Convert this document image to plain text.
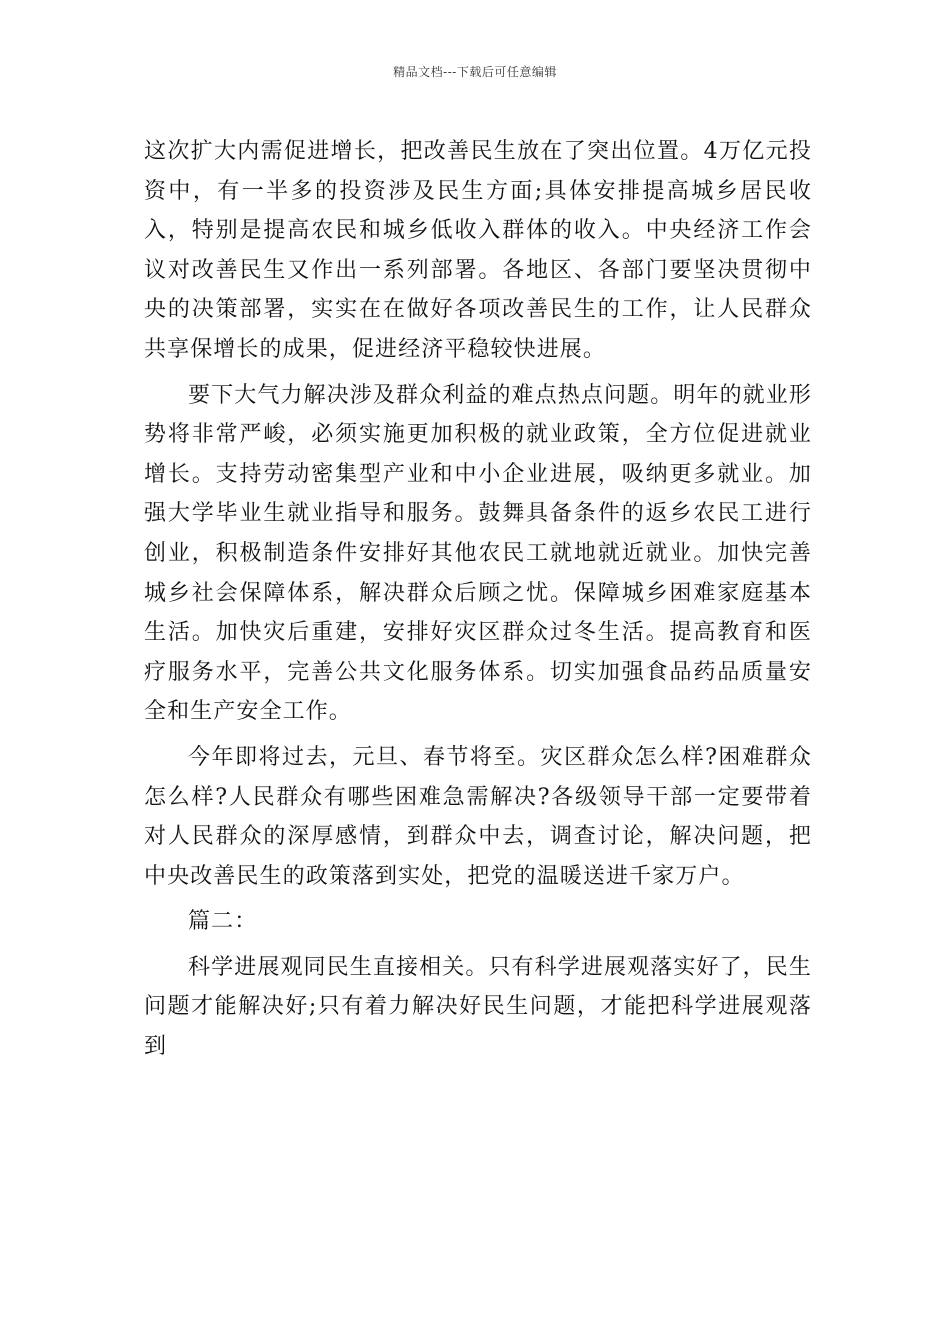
精品文档---下载后可任意编辑

这次扩大内需促进增长，把改善民生放在了突出位置。4万亿元投资中，有一半多的投资涉及民生方面;具体安排提高城乡居民收入，特别是提高农民和城乡低收入群体的收入。中央经济工作会议对改善民生又作出一系列部署。各地区、各部门要坚决贯彻中央的决策部署，实实在在做好各项改善民生的工作，让人民群众共享保增长的成果，促进经济平稳较快进展。

要下大气力解决涉及群众利益的难点热点问题。明年的就业形势将非常严峻，必须实施更加积极的就业政策，全方位促进就业增长。支持劳动密集型产业和中小企业进展，吸纳更多就业。加强大学毕业生就业指导和服务。鼓舞具备条件的返乡农民工进行创业，积极制造条件安排好其他农民工就地就近就业。加快完善城乡社会保障体系，解决群众后顾之忧。保障城乡困难家庭基本生活。加快灾后重建，安排好灾区群众过冬生活。提高教育和医疗服务水平，完善公共文化服务体系。切实加强食品药品质量安全和生产安全工作。

今年即将过去，元旦、春节将至。灾区群众怎么样?困难群众怎么样?人民群众有哪些困难急需解决?各级领导干部一定要带着对人民群众的深厚感情，到群众中去，调查讨论，解决问题，把中央改善民生的政策落到实处，把党的温暖送进千家万户。

篇二：

科学进展观同民生直接相关。只有科学进展观落实好了，民生问题才能解决好;只有着力解决好民生问题，才能把科学进展观落到
